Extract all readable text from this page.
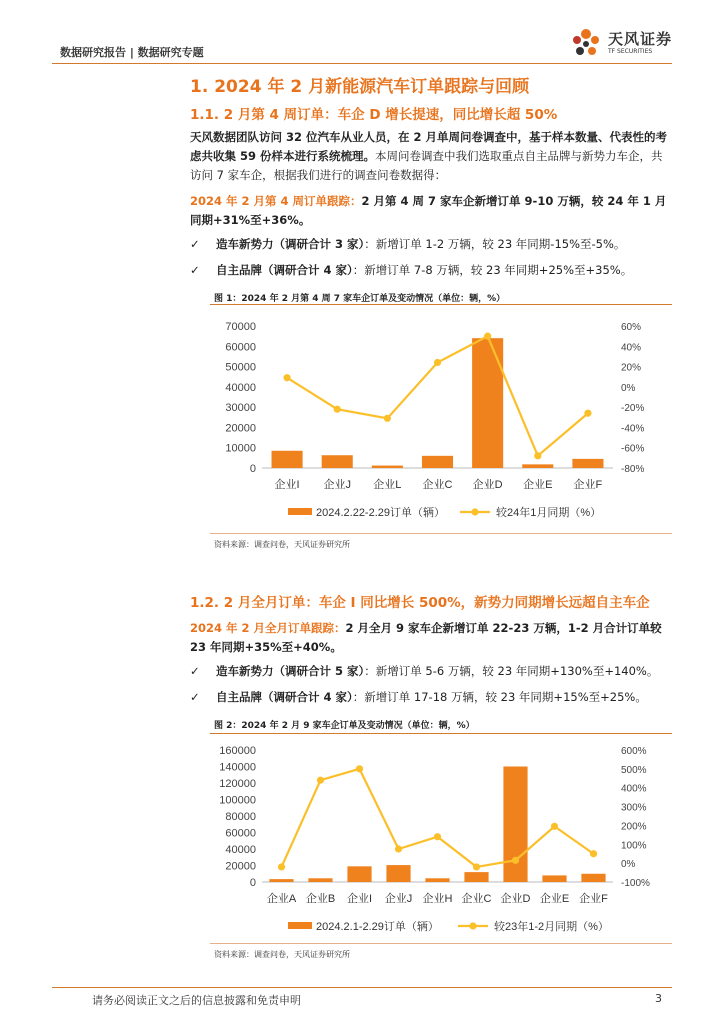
数据研究报告 | 数据研究专题
天风证券
TF SECURITIES
1. 2024 年 2 月新能源汽车订单跟踪与回顾
1.1. 2 月第 4 周订单：车企 D 增长提速，同比增长超 50%
天风数据团队访问 32 位汽车从业人员，在 2 月单周问卷调查中，基于样本数量、代表性的考虑共收集 59 份样本进行系统梳理。本周问卷调查中我们选取重点自主品牌与新势力车企，共访问 7 家车企，根据我们进行的调查问卷数据得：
2024 年 2 月第 4 周订单跟踪：2 月第 4 周 7 家车企新增订单 9-10 万辆，较 24 年 1 月同期+31%至+36%。
✓ 造车新势力（调研合计 3 家）：新增订单 1-2 万辆，较 23 年同期-15%至-5%。
✓ 自主品牌（调研合计 4 家）：新增订单 7-8 万辆，较 23 年同期+25%至+35%。
图 1：2024 年 2 月第 4 周 7 家车企订单及变动情况（单位：辆，%）
0
10000
20000
30000
40000
50000
60000
70000
-80%
-60%
-40%
-20%
0%
20%
40%
60%
企业I 企业J 企业L 企业C 企业D 企业E 企业F
2024.2.22-2.29订单（辆）	较24年1月同期（%）
资料来源：调查问卷，天风证券研究所
1.2. 2 月全月订单：车企 I 同比增长 500%，新势力同期增长远超自主车企
2024 年 2 月全月订单跟踪：2 月全月 9 家车企新增订单 22-23 万辆，1-2 月合计订单较 23 年同期+35%至+40%。
✓ 造车新势力（调研合计 5 家）：新增订单 5-6 万辆，较 23 年同期+130%至+140%。
✓ 自主品牌（调研合计 4 家）：新增订单 17-18 万辆，较 23 年同期+15%至+25%。
图 2：2024 年 2 月 9 家车企订单及变动情况（单位：辆，%）
0
20000
40000
60000
80000
100000
120000
140000
160000
-100%
0%
100%
200%
300%
400%
500%
600%
企业A 企业B 企业I 企业J 企业H 企业C 企业D 企业E 企业F
2024.2.1-2.29订单（辆）	较23年1-2月同期（%）
资料来源：调查问卷，天风证券研究所
请务必阅读正文之后的信息披露和免责申明	3
